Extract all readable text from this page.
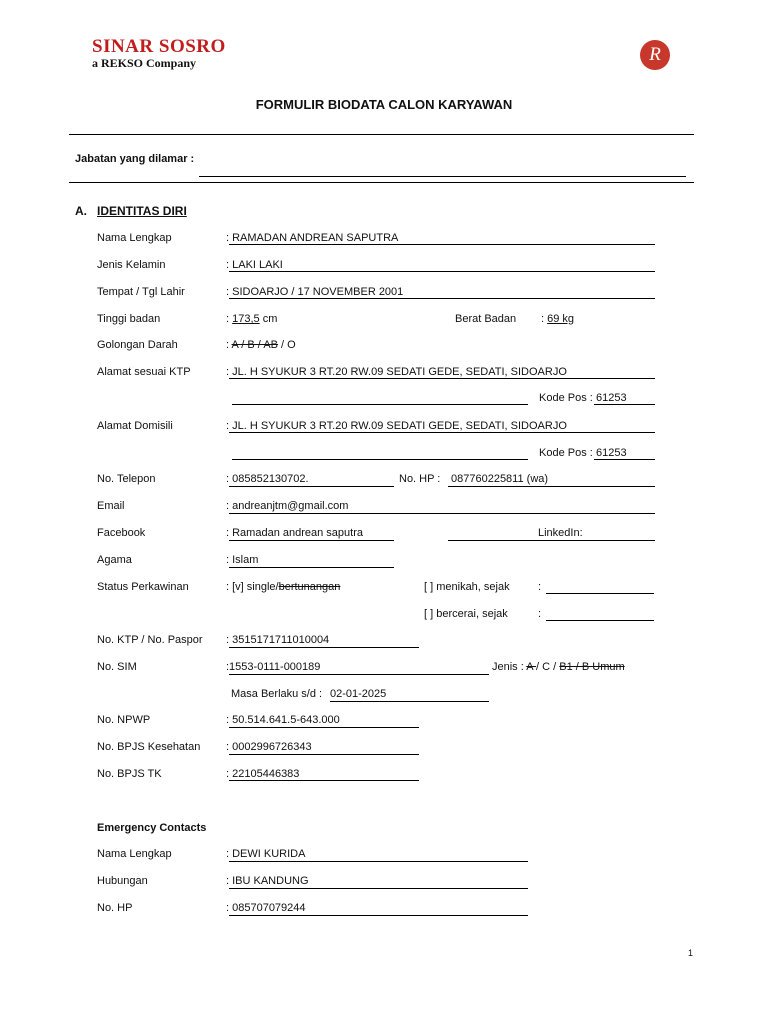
SINAR SOSRO
a REKSO Company	R
FORMULIR BIODATA CALON KARYAWAN
Jabatan yang dilamar :
A. IDENTITAS DIRI
Nama Lengkap	: RAMADAN ANDREAN SAPUTRA
Jenis Kelamin	: LAKI LAKI
Tempat / Tgl Lahir	: SIDOARJO / 17 NOVEMBER 2001
Tinggi badan	: 173,5 cm	Berat Badan : 69 kg
Golongan Darah	: A / B / AB / O
Alamat sesuai KTP	: JL. H SYUKUR 3 RT.20 RW.09 SEDATI GEDE, SEDATI, SIDOARJO
Kode Pos : 61253
Alamat Domisili	: JL. H SYUKUR 3 RT.20 RW.09 SEDATI GEDE, SEDATI, SIDOARJO
Kode Pos : 61253
No. Telepon	: 085852130702.	No. HP : 087760225811 (wa)
Email	: andreanjtm@gmail.com
Facebook	: Ramadan andrean saputra	LinkedIn:
Agama	: Islam
Status Perkawinan	: [v] single/bertunangan	[ ] menikah, sejak	:
[ ] bercerai, sejak	:
No. KTP / No. Paspor : 3515171711010004
No. SIM	:1553-0111-000189	Jenis : A / C / B1 / B Umum
Masa Berlaku s/d : 02-01-2025
No. NPWP	: 50.514.641.5-643.000
No. BPJS Kesehatan : 0002996726343
No. BPJS TK	: 22105446383
Emergency Contacts
Nama Lengkap	: DEWI KURIDA
Hubungan	: IBU KANDUNG
No. HP	: 085707079244
1
